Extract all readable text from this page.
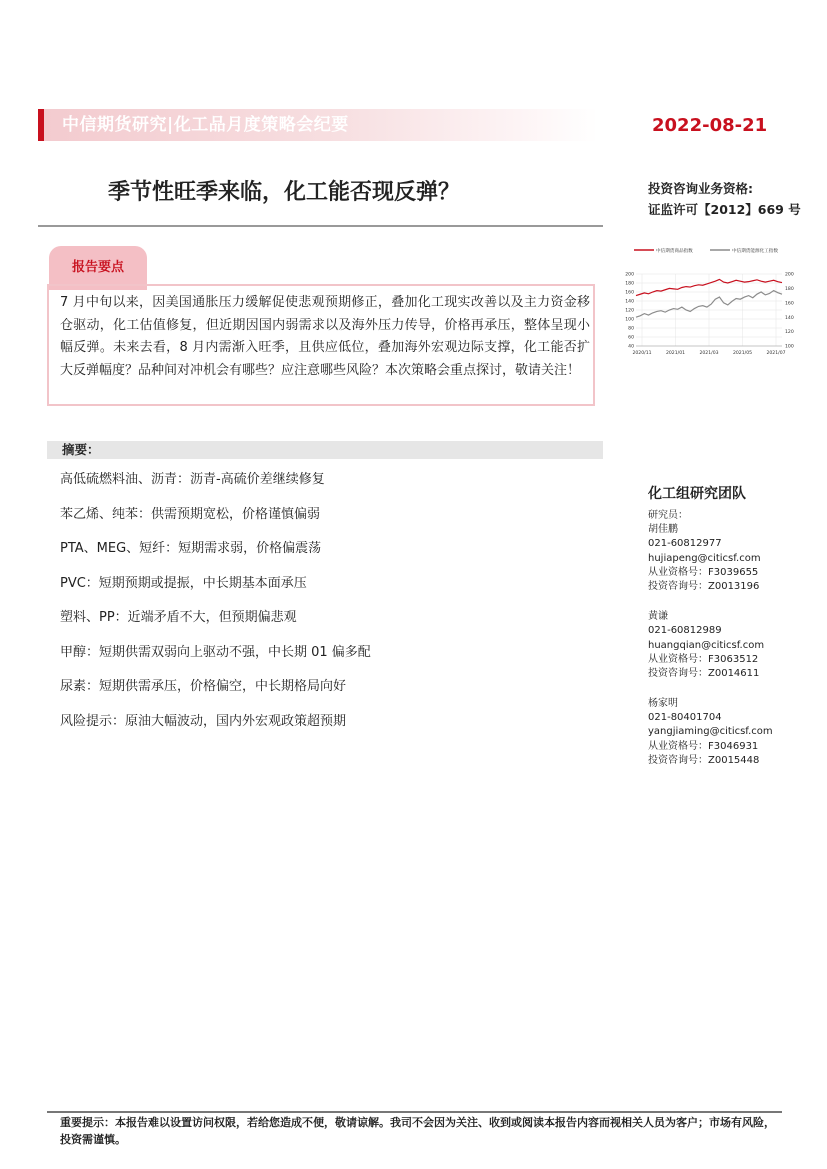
中信期货研究|化工品月度策略会纪要	2022-08-21
季节性旺季来临，化工能否现反弹？	投资咨询业务资格:
证监许可【2012】669 号
报告要点
7 月中旬以来，因美国通胀压力缓解促使悲观预期修正，叠加化工现实改善以及主力资金移仓驱动，化工估值修复，但近期因国内弱需求以及海外压力传导，价格再承压，整体呈现小幅反弹。未来去看，8 月内需渐入旺季，且供应低位，叠加海外宏观边际支撑，化工能否扩大反弹幅度？品种间对冲机会有哪些？应注意哪些风险？本次策略会重点探讨，敬请关注！
中信期货商品指数	中信期货能源化工指数
40
60
80
100
120
140
160
180
200
100
120
140
160
180
200
2020/11	2021/01	2021/03	2021/05	2021/07
摘要：
高低硫燃料油、沥青：沥青-高硫价差继续修复
苯乙烯、纯苯：供需预期宽松，价格谨慎偏弱
PTA、MEG、短纤：短期需求弱，价格偏震荡
PVC：短期预期或提振，中长期基本面承压
塑料、PP：近端矛盾不大，但预期偏悲观
甲醇：短期供需双弱向上驱动不强，中长期 01 偏多配
尿素：短期供需承压，价格偏空，中长期格局向好
风险提示：原油大幅波动，国内外宏观政策超预期
化工组研究团队
研究员：
胡佳鹏
021-60812977
hujiapeng@citicsf.com
从业资格号：F3039655
投资咨询号：Z0013196
黄谦
021-60812989
huangqian@citicsf.com
从业资格号：F3063512
投资咨询号：Z0014611
杨家明
021-80401704
yangjiaming@citicsf.com
从业资格号：F3046931
投资咨询号：Z0015448
重要提示：本报告难以设置访问权限，若给您造成不便，敬请谅解。我司不会因为关注、收到或阅读本报告内容而视相关人员为客户；市场有风险，投资需谨慎。
